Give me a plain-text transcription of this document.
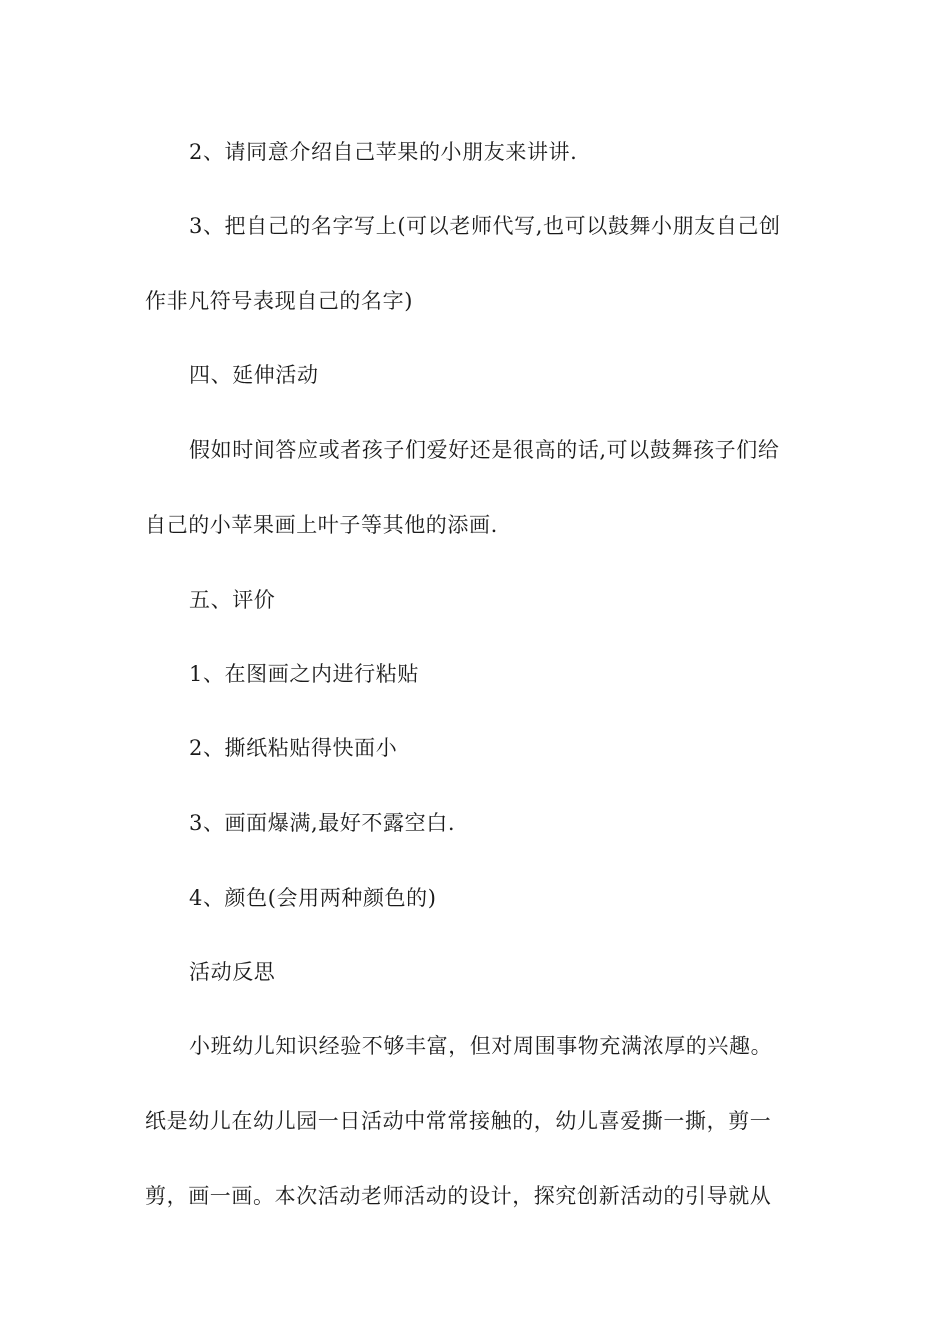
2、请同意介绍自己苹果的小朋友来讲讲.
3、把自己的名字写上(可以老师代写,也可以鼓舞小朋友自己创
作非凡符号表现自己的名字)
四、延伸活动
假如时间答应或者孩子们爱好还是很高的话,可以鼓舞孩子们给
自己的小苹果画上叶子等其他的添画.
五、评价
1、在图画之内进行粘贴
2、撕纸粘贴得快面小
3、画面爆满,最好不露空白.
4、颜色(会用两种颜色的)
活动反思
小班幼儿知识经验不够丰富，但对周围事物充满浓厚的兴趣。
纸是幼儿在幼儿园一日活动中常常接触的，幼儿喜爱撕一撕，剪一
剪，画一画。本次活动老师活动的设计，探究创新活动的引导就从
